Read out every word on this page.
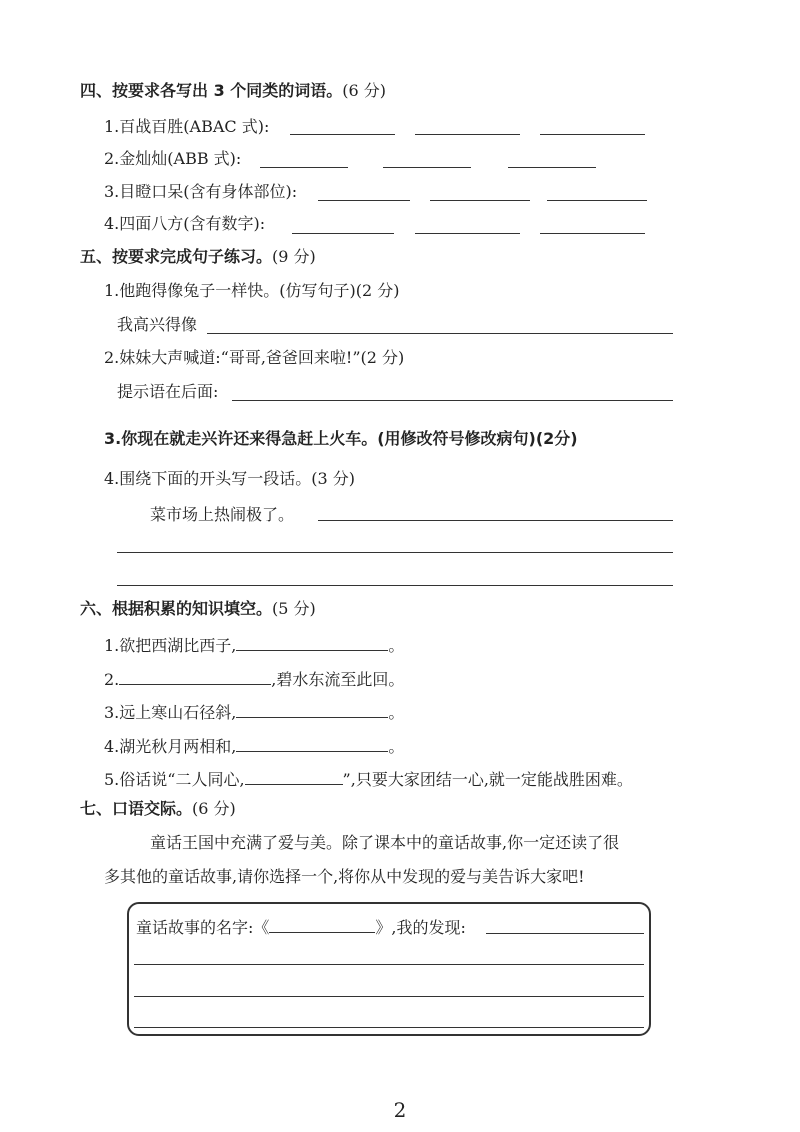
四、按要求各写出 3 个同类的词语。(6 分)
1.百战百胜(ABAC 式):
2.金灿灿(ABB 式):
3.目瞪口呆(含有身体部位):
4.四面八方(含有数字):
五、按要求完成句子练习。(9 分)
1.他跑得像兔子一样快。(仿写句子)(2 分)
我高兴得像
2.妹妹大声喊道:“哥哥,爸爸回来啦!”(2 分)
提示语在后面:
3.你现在就走兴许还来得急赶上火车。(用修改符号修改病句)(2分)
4.围绕下面的开头写一段话。(3 分)
菜市场上热闹极了。
六、根据积累的知识填空。(5 分)
1.欲把西湖比西子,	。
2.	,碧水东流至此回。
3.远上寒山石径斜,	。
4.湖光秋月两相和,	。
5.俗话说“二人同心,	”,只要大家团结一心,就一定能战胜困难。
七、口语交际。(6 分)
童话王国中充满了爱与美。除了课本中的童话故事,你一定还读了很
多其他的童话故事,请你选择一个,将你从中发现的爱与美告诉大家吧!
童话故事的名字:《	》,我的发现:
2
